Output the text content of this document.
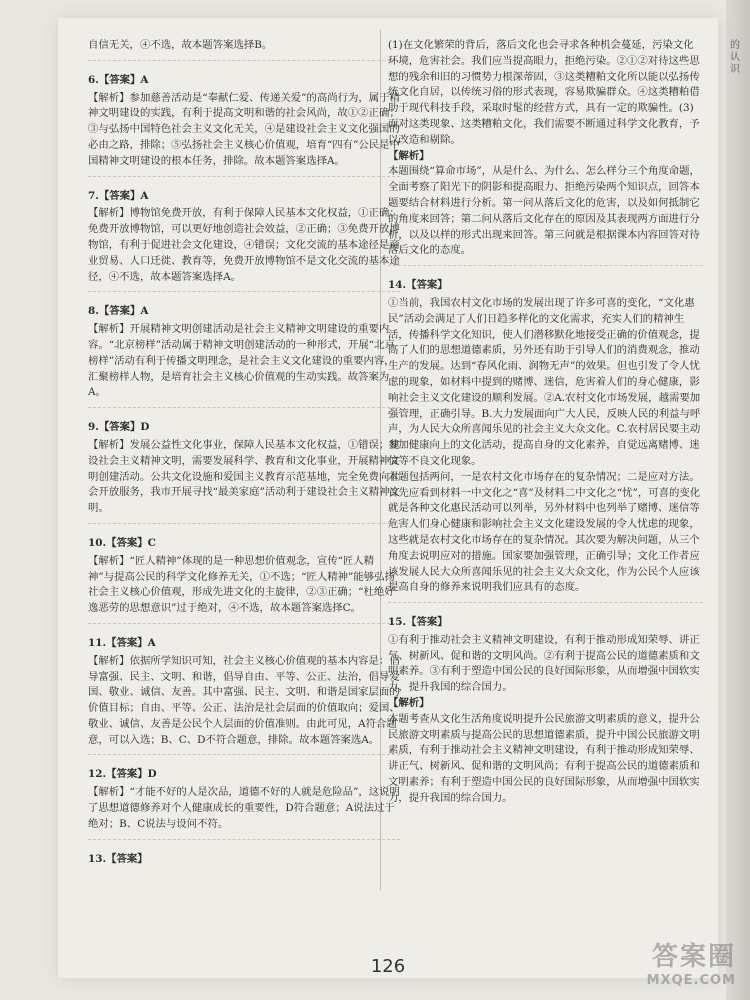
的认识
自信无关，④不选，故本题答案选择B。
6.【答案】A
【解析】参加慈善活动是“奉献仁爱、传递关爱”的高尚行为，属于精神文明建设的实践，有利于提高文明和谐的社会风尚，故①②正确；③与弘扬中国特色社会主义文化无关，④是建设社会主义文化强国的必由之路，排除；⑤弘扬社会主义核心价值观，培育“四有”公民是中国精神文明建设的根本任务，排除。故本题答案选择A。
7.【答案】A
【解析】博物馆免费开放，有利于保障人民基本文化权益，①正确；免费开放博物馆，可以更好地创造社会效益，②正确；③免费开放博物馆，有利于促进社会文化建设，④错误；文化交流的基本途径是商业贸易、人口迁徙、教育等，免费开放博物馆不是文化交流的基本途径，④不选，故本题答案选择A。
8.【答案】A
【解析】开展精神文明创建活动是社会主义精神文明建设的重要内容。“北京榜样”活动属于精神文明创建活动的一种形式，开展“北京榜样”活动有利于传播文明理念，是社会主义文化建设的重要内容，汇聚榜样人物，是培育社会主义核心价值观的生动实践。故答案为A。
9.【答案】D
【解析】发展公益性文化事业，保障人民基本文化权益，①错误；建设社会主义精神文明，需要发展科学、教育和文化事业，开展精神文明创建活动。公共文化设施和爱国主义教育示范基地，完全免费向社会开放服务，我市开展寻找“最美家庭”活动利于建设社会主义精神文明。
10.【答案】C
【解析】“匠人精神”体现的是一种思想价值观念，宣传“匠人精神”与提高公民的科学文化修养无关，①不选；“匠人精神”能够弘扬社会主义核心价值观，形成先进文化的主旋律，②③正确；“杜绝好逸恶劳的思想意识”过于绝对，④不选，故本题答案选择C。
11.【答案】A
【解析】依据所学知识可知，社会主义核心价值观的基本内容是：倡导富强、民主、文明、和谐，倡导自由、平等、公正、法治，倡导爱国、敬业、诚信、友善。其中富强、民主、文明、和谐是国家层面的价值目标；自由、平等、公正、法治是社会层面的价值取向；爱国、敬业、诚信、友善是公民个人层面的价值准则。由此可见，A符合题意，可以入选；B、C、D不符合题意，排除。故本题答案选A。
12.【答案】D
【解析】“才能不好的人是次品，道德不好的人就是危险品”，这说明了思想道德修养对个人健康成长的重要性，D符合题意；A说法过于绝对；B、C说法与设问不符。
13.【答案】
(1)在文化繁荣的背后，落后文化也会寻求各种机会蔓延，污染文化环境，危害社会。我们应当提高眼力，拒绝污染。②①②对待这些思想的残余和旧的习惯势力根深蒂固，③这类糟粕文化所以能以弘扬传统文化自居，以传统习俗的形式表现，容易欺骗群众。④这类糟粕借助于现代科技手段，采取时髦的经营方式，具有一定的欺骗性。(3)面对这类现象、这类糟粕文化，我们需要不断通过科学文化教育，予以改造和剔除。
【解析】
本题围绕“算命市场”，从是什么、为什么、怎么样分三个角度命题，全面考察了阳光下的阴影和提高眼力、拒绝污染两个知识点，回答本题要结合材料进行分析。第一问从落后文化的危害，以及如何抵制它的角度来回答；第二问从落后文化存在的原因及其表现两方面进行分析，以及以样的形式出现来回答。第三问就是根据课本内容回答对待落后文化的态度。
14.【答案】
①当前，我国农村文化市场的发展出现了许多可喜的变化，“文化惠民”活动会满足了人们日趋多样化的文化需求，充实人们的精神生活，传播科学文化知识，使人们潜移默化地接受正确的价值观念，提高了人们的思想道德素质，另外还有助于引导人们的消费观念，推动生产的发展。达到“春风化雨、润物无声”的效果。但也引发了令人忧虑的现象，如材料中提到的赌博、迷信，危害着人们的身心健康，影响社会主义文化建设的顺利发展。②A.农村文化市场发展，越需要加强管理，正确引导。B.大力发展面向广大人民，反映人民的利益与呼声，为人民大众所喜闻乐见的社会主义大众文化。C.农村居民要主动参加健康向上的文化活动，提高自身的文化素养，自觉远离赌博、迷信等不良文化现象。
本题包括两问，一是农村文化市场存在的复杂情况；二是应对方法。首先应看到材料一中文化之“喜”及材料二中文化之“忧”，可喜的变化就是各种文化惠民活动可以列举，另外材料中也列举了赌博、迷信等危害人们身心健康和影响社会主义文化建设发展的令人忧虑的现象，这些就是农村文化市场存在的复杂情况。其次要为解决问题，从三个角度去说明应对的措施。国家要加强管理，正确引导；文化工作者应该发展人民大众所喜闻乐见的社会主义大众文化，作为公民个人应该提高自身的修养来说明我们应具有的态度。
15.【答案】
①有利于推动社会主义精神文明建设，有利于推动形成知荣辱、讲正气、树新风、促和谐的文明风尚。②有利于提高公民的道德素质和文明素养。③有利于塑造中国公民的良好国际形象，从而增强中国软实力，提升我国的综合国力。
【解析】
本题考查从文化生活角度说明提升公民旅游文明素质的意义，提升公民旅游文明素质与提高公民的思想道德素质，提升中国公民旅游文明素质，有利于推动社会主义精神文明建设，有利于推动形成知荣辱、讲正气、树新风、促和谐的文明风尚；有利于提高公民的道德素质和文明素养；有利于塑造中国公民的良好国际形象，从而增强中国软实力，提升我国的综合国力。
126	答案圈
MXQE.COM
